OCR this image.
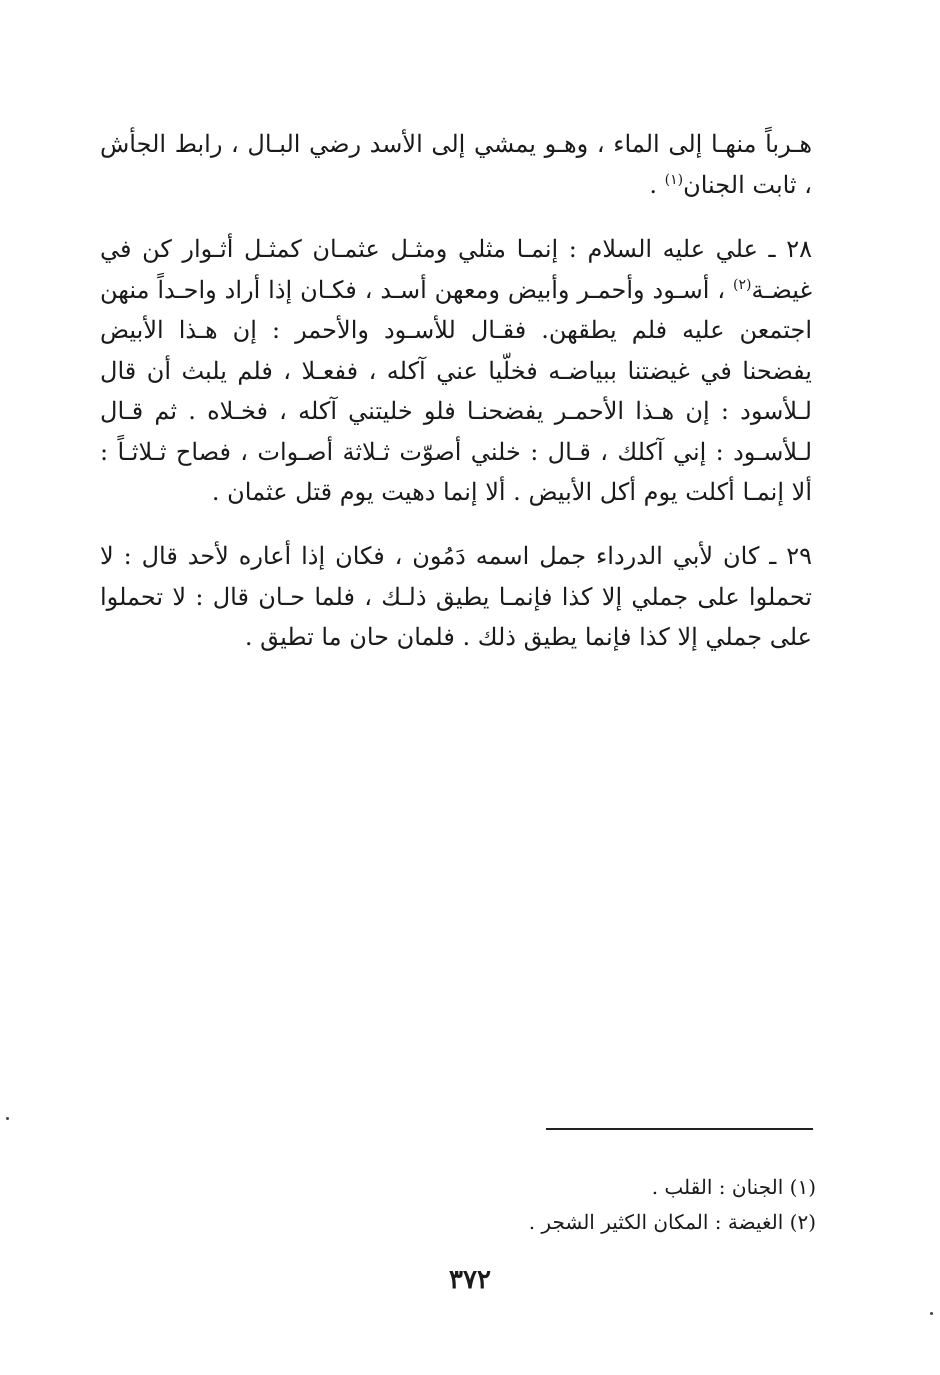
هـرباً منهـا إلى الماء ، وهـو يمشي إلى الأسد رضي البـال ، رابط الجأش ، ثابت الجنان$^{(١)}$ .

٢٨ ـ علي عليه السلام : إنمـا مثلي ومثـل عثمـان كمثـل أثـوار كن في غيضـة$^{(٢)}$ ، أسـود وأحمـر وأبيض ومعهن أسـد ، فكـان إذا أراد واحـداً منهن اجتمعن عليه فلم يطقهن. فقـال للأسـود والأحمر : إن هـذا الأبيض يفضحنا في غيضتنا ببياضـه فخلّيا عني آكله ، ففعـلا ، فلم يلبث أن قال لـلأسود : إن هـذا الأحمـر يفضحنـا فلو خليتني آكله ، فخـلاه . ثم قـال لـلأسـود : إني آكلك ، قـال : خلني أصوّت ثـلاثة أصـوات ، فصاح ثـلاثـاً : ألا إنمـا أكلت يوم أكل الأبيض . ألا إنما دهيت يوم قتل عثمان .

٢٩ ـ كان لأبي الدرداء جمل اسمه دَمُون ، فكان إذا أعاره لأحد قال : لا تحملوا على جملي إلا كذا فإنمـا يطيق ذلـك ، فلما حـان قال : لا تحملوا على جملي إلا كذا فإنما يطيق ذلك . فلمان حان ما تطيق .

(١) الجنان : القلب .

(٢) الغيضة : المكان الكثير الشجر .

٣٧٢
